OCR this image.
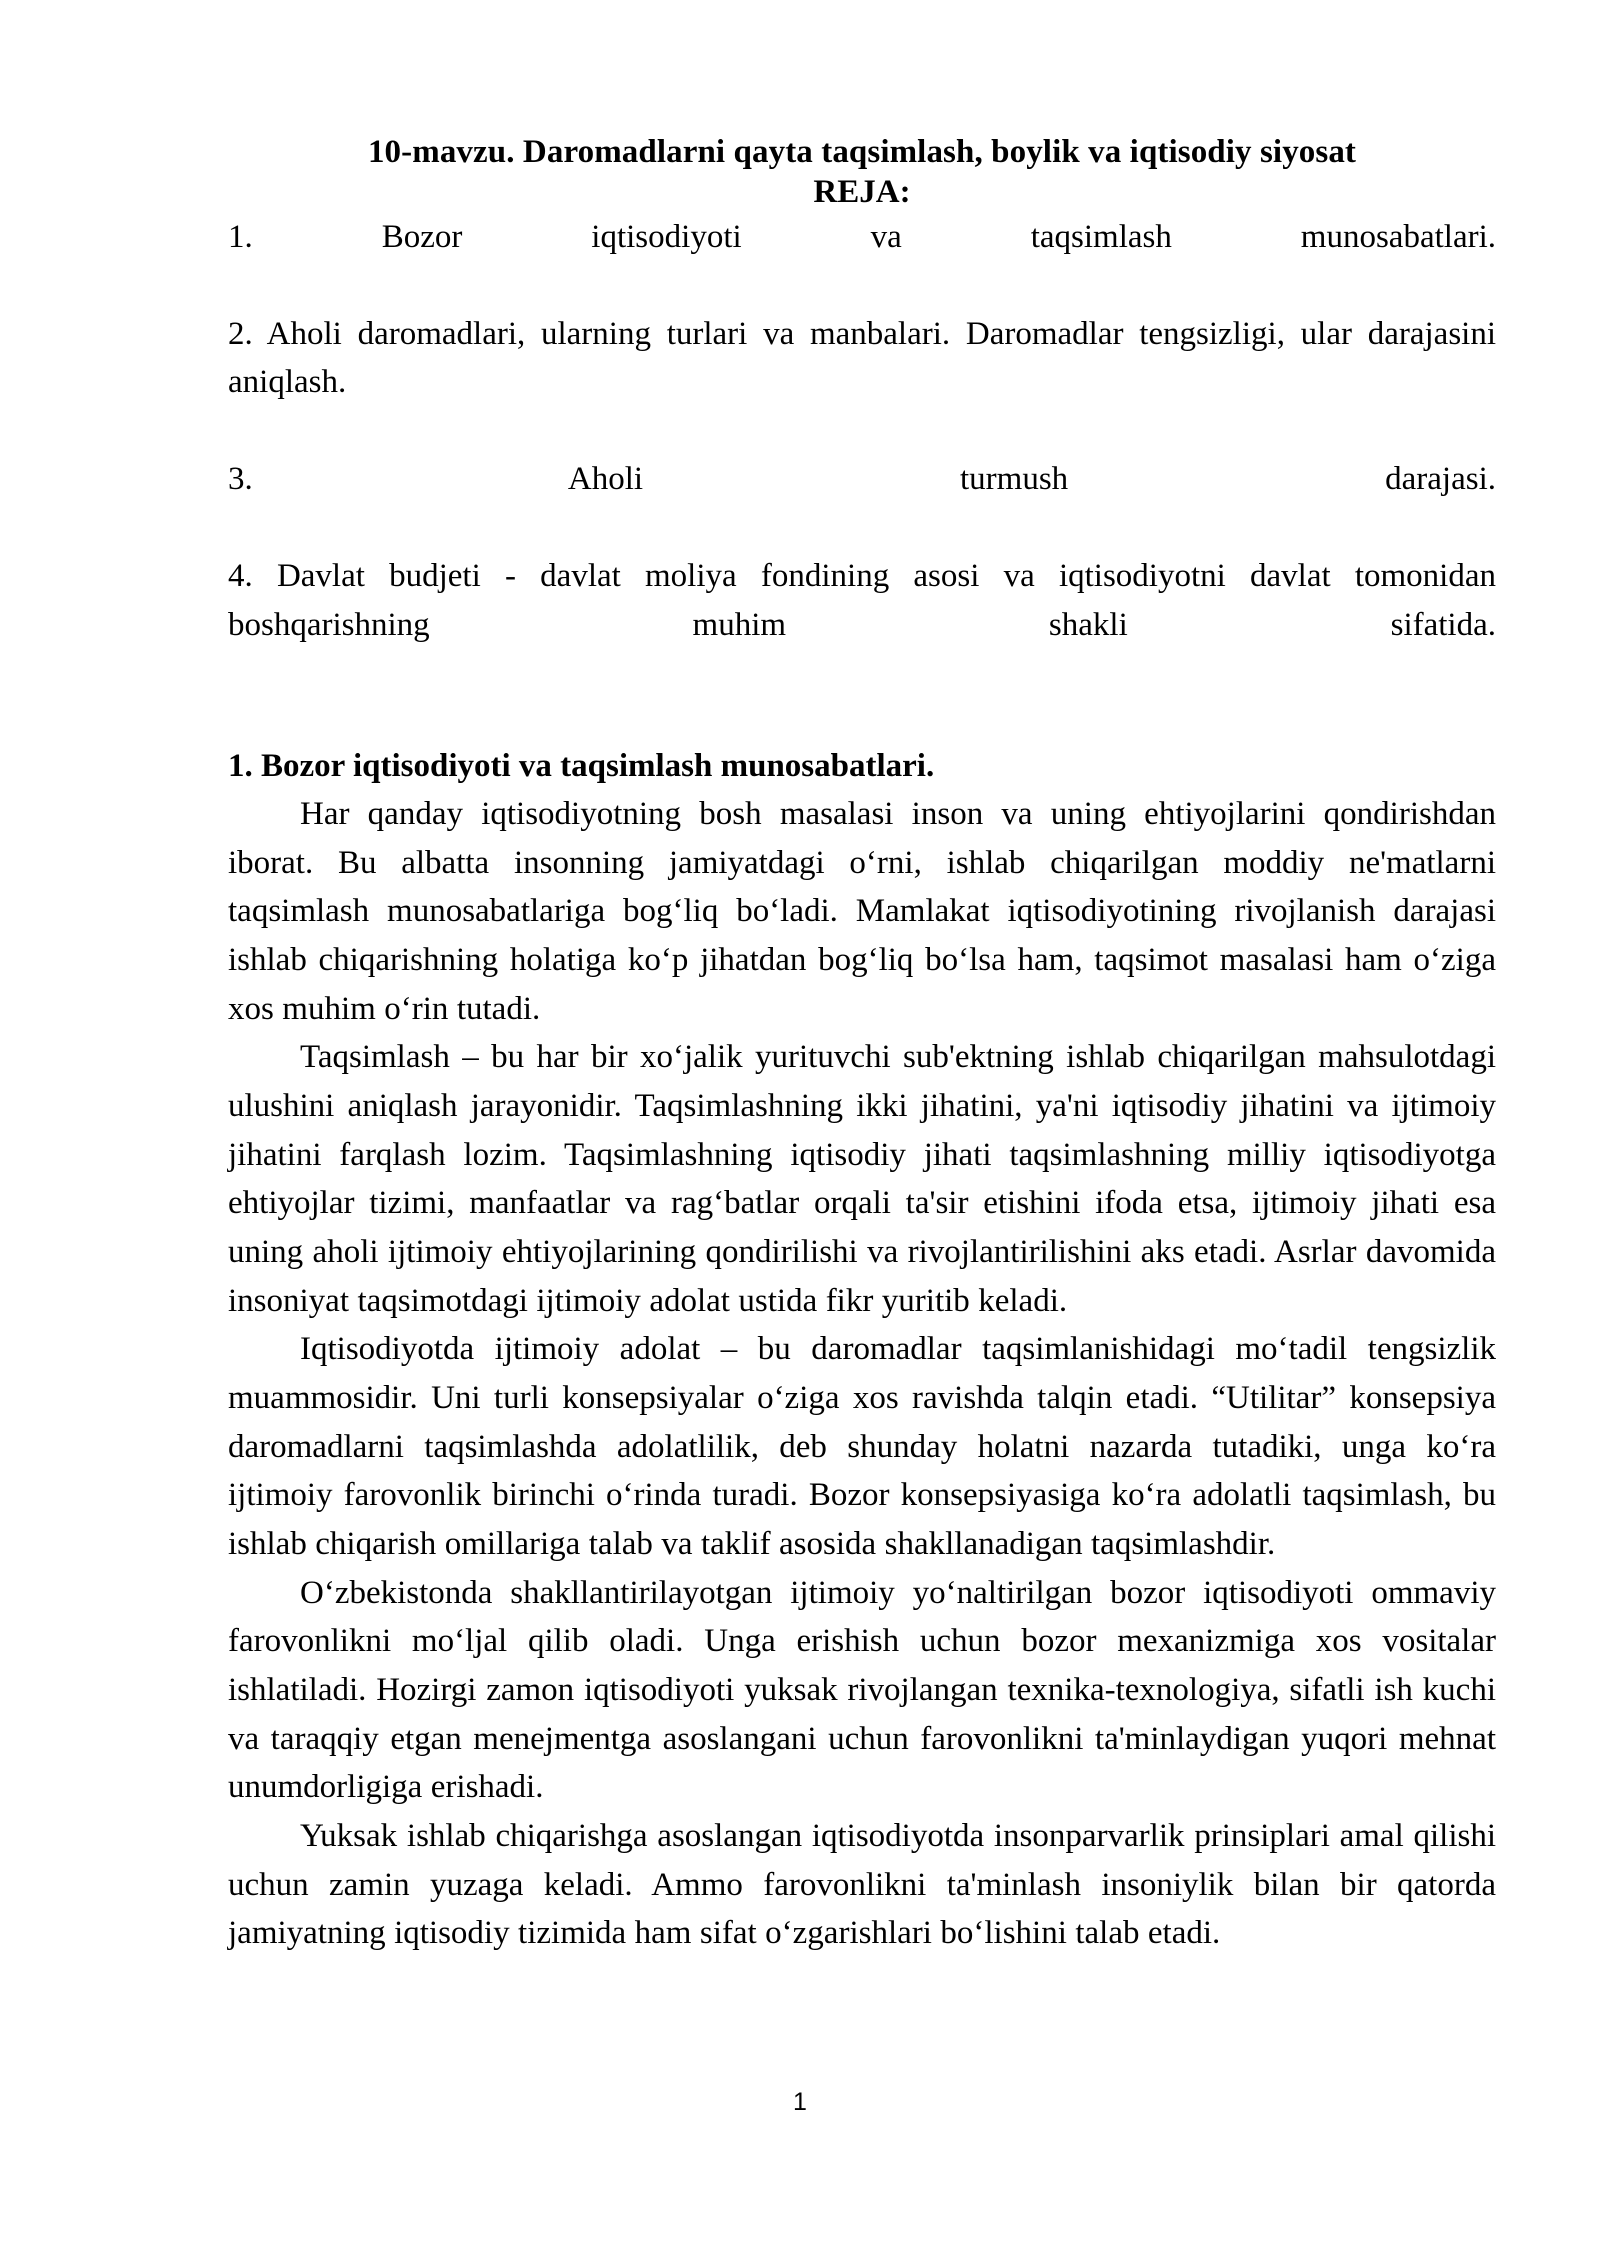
10-mavzu. Daromadlarni qayta taqsimlash, boylik va iqtisodiy siyosat
REJA:
1. Bozor iqtisodiyoti va taqsimlash munosabatlari.
2. Aholi daromadlari, ularning turlari va manbalari. Daromadlar tengsizligi, ular darajasini aniqlash.
3. Aholi turmush darajasi.
4. Davlat budjeti - davlat moliya fondining asosi va iqtisodiyotni davlat tomonidan boshqarishning muhim shakli sifatida.
1. Bozor iqtisodiyoti va taqsimlash munosabatlari.

Har qanday iqtisodiyotning bosh masalasi inson va uning ehtiyojlarini qondirishdan iborat. Bu albatta insonning jamiyatdagi oʻrni, ishlab chiqarilgan moddiy ne'matlarni taqsimlash munosabatlariga bogʻliq boʻladi. Mamlakat iqtisodiyotining rivojlanish darajasi ishlab chiqarishning holatiga koʻp jihatdan bogʻliq boʻlsa ham, taqsimot masalasi ham oʻziga xos muhim oʻrin tutadi.

Taqsimlash – bu har bir xoʻjalik yurituvchi sub'ektning ishlab chiqarilgan mahsulotdagi ulushini aniqlash jarayonidir. Taqsimlashning ikki jihatini, ya'ni iqtisodiy jihatini va ijtimoiy jihatini farqlash lozim. Taqsimlashning iqtisodiy jihati taqsimlashning milliy iqtisodiyotga ehtiyojlar tizimi, manfaatlar va ragʻbatlar orqali ta'sir etishini ifoda etsa, ijtimoiy jihati esa uning aholi ijtimoiy ehtiyojlarining qondirilishi va rivojlantirilishini aks etadi. Asrlar davomida insoniyat taqsimotdagi ijtimoiy adolat ustida fikr yuritib keladi.

Iqtisodiyotda ijtimoiy adolat – bu daromadlar taqsimlanishidagi moʻtadil tengsizlik muammosidir. Uni turli konsepsiyalar oʻziga xos ravishda talqin etadi. “Utilitar” konsepsiya daromadlarni taqsimlashda adolatlilik, deb shunday holatni nazarda tutadiki, unga koʻra ijtimoiy farovonlik birinchi oʻrinda turadi. Bozor konsepsiyasiga koʻra adolatli taqsimlash, bu ishlab chiqarish omillariga talab va taklif asosida shakllanadigan taqsimlashdir.

Oʻzbekistonda shakllantirilayotgan ijtimoiy yoʻnaltirilgan bozor iqtisodiyoti ommaviy farovonlikni moʻljal qilib oladi. Unga erishish uchun bozor mexanizmiga xos vositalar ishlatiladi. Hozirgi zamon iqtisodiyoti yuksak rivojlangan texnika-texnologiya, sifatli ish kuchi va taraqqiy etgan menejmentga asoslangani uchun farovonlikni ta'minlaydigan yuqori mehnat unumdorligiga erishadi.

Yuksak ishlab chiqarishga asoslangan iqtisodiyotda insonparvarlik prinsiplari amal qilishi uchun zamin yuzaga keladi. Ammo farovonlikni ta'minlash insoniylik bilan bir qatorda jamiyatning iqtisodiy tizimida ham sifat oʻzgarishlari boʻlishini talab etadi.

1
